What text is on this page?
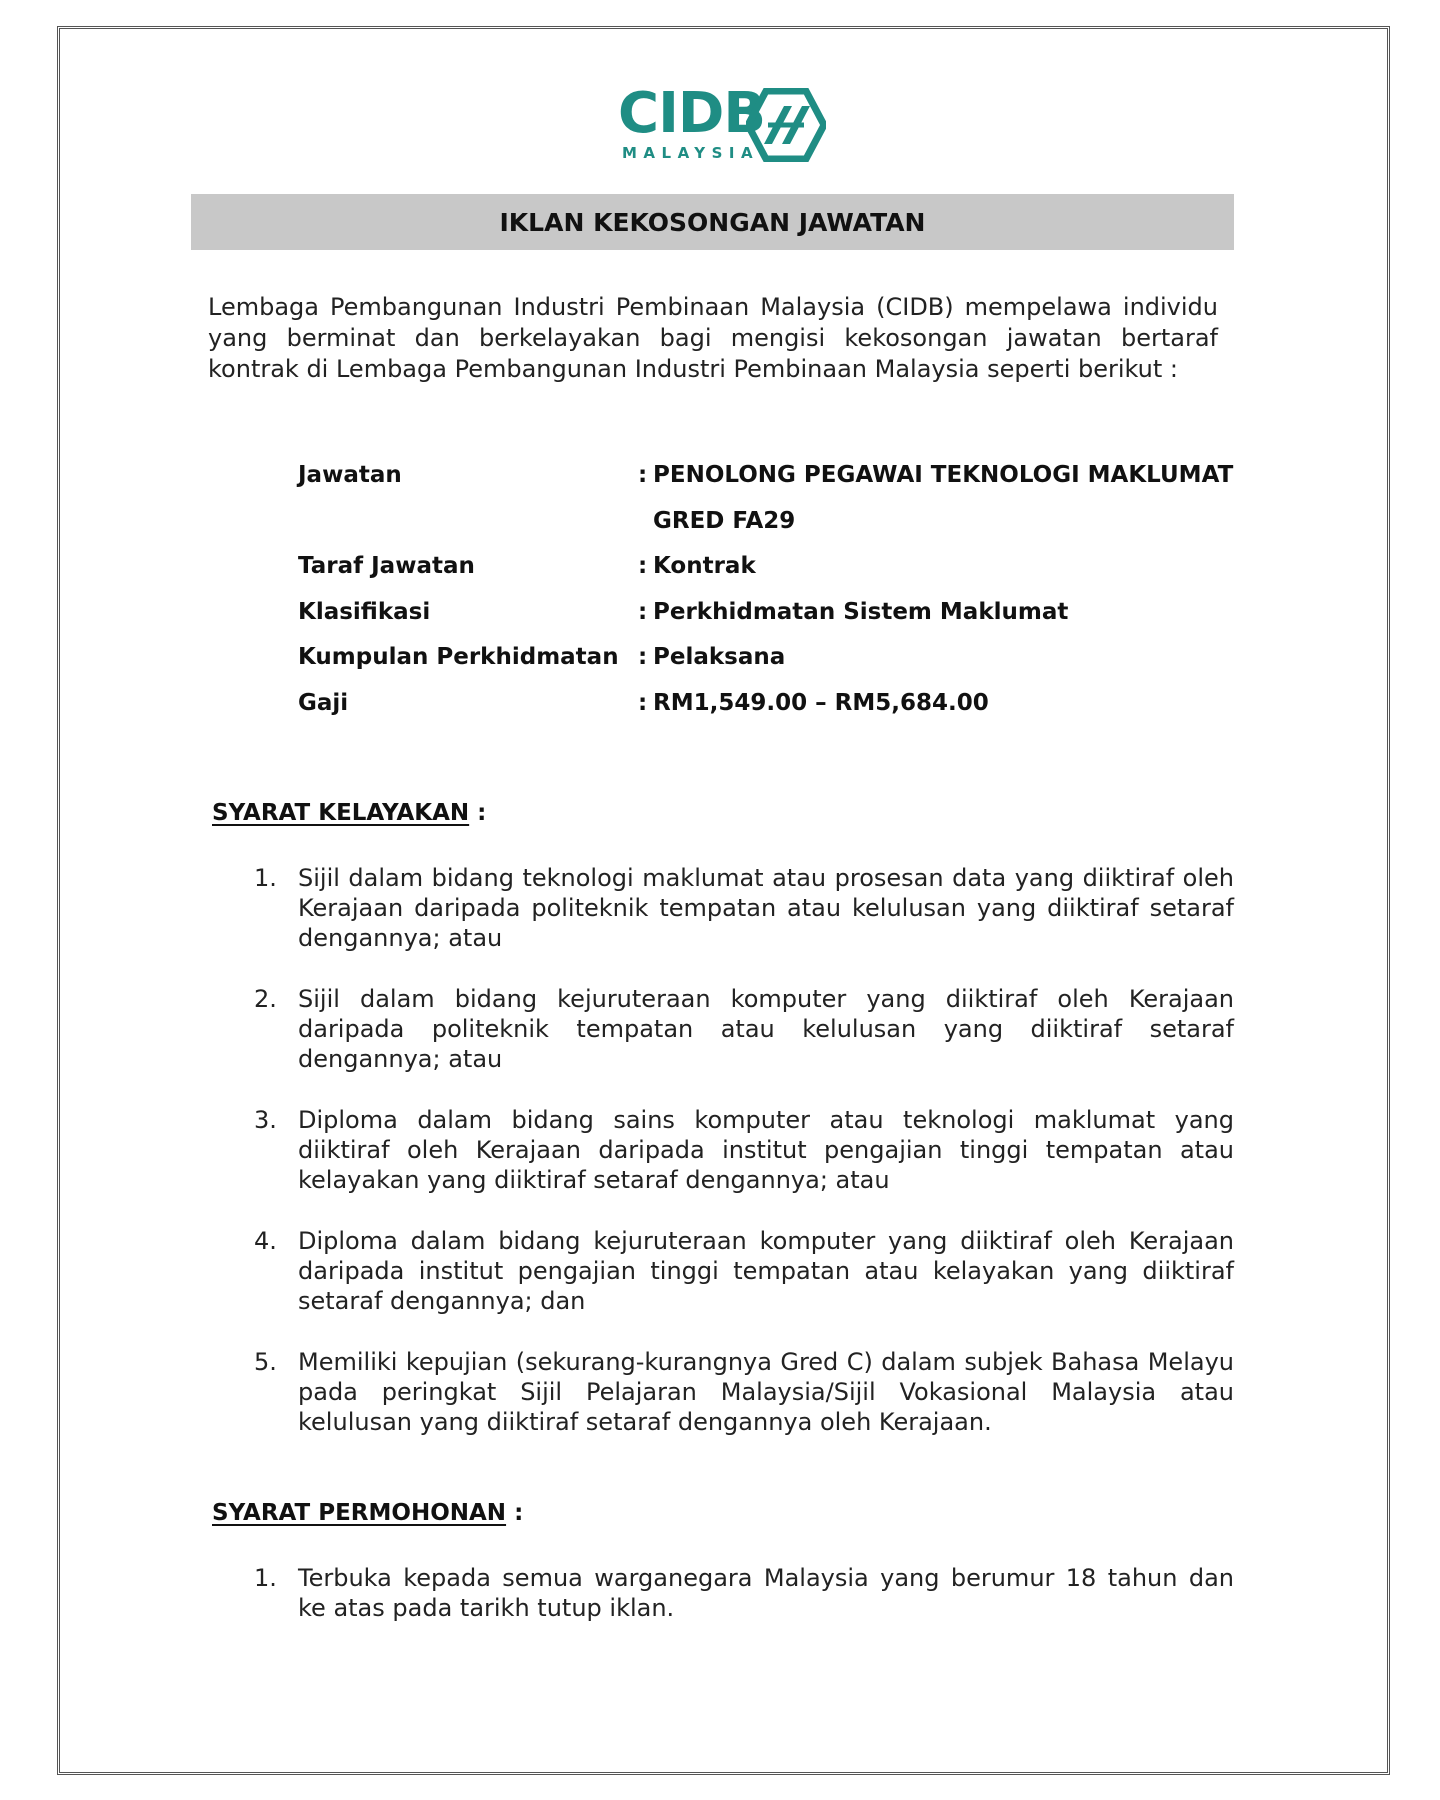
CIDB
MALAYSIA
IKLAN KEKOSONGAN JAWATAN

Lembaga Pembangunan Industri Pembinaan Malaysia (CIDB) mempelawa individu yang berminat dan berkelayakan bagi mengisi kekosongan jawatan bertaraf kontrak di Lembaga Pembangunan Industri Pembinaan Malaysia seperti berikut :

Jawatan	: PENOLONG PEGAWAI TEKNOLOGI MAKLUMAT
GRED FA29
Taraf Jawatan	: Kontrak
Klasifikasi	: Perkhidmatan Sistem Maklumat
Kumpulan Perkhidmatan : Pelaksana
Gaji	: RM1,549.00 – RM5,684.00
SYARAT KELAYAKAN :
1. Sijil dalam bidang teknologi maklumat atau prosesan data yang diiktiraf oleh Kerajaan daripada politeknik tempatan atau kelulusan yang diiktiraf setaraf dengannya; atau
2. Sijil dalam bidang kejuruteraan komputer yang diiktiraf oleh Kerajaan daripada politeknik tempatan atau kelulusan yang diiktiraf setaraf dengannya; atau
3. Diploma dalam bidang sains komputer atau teknologi maklumat yang diiktiraf oleh Kerajaan daripada institut pengajian tinggi tempatan atau kelayakan yang diiktiraf setaraf dengannya; atau
4. Diploma dalam bidang kejuruteraan komputer yang diiktiraf oleh Kerajaan daripada institut pengajian tinggi tempatan atau kelayakan yang diiktiraf setaraf dengannya; dan
5. Memiliki kepujian (sekurang-kurangnya Gred C) dalam subjek Bahasa Melayu pada peringkat Sijil Pelajaran Malaysia/Sijil Vokasional Malaysia atau kelulusan yang diiktiraf setaraf dengannya oleh Kerajaan.
SYARAT PERMOHONAN :
1. Terbuka kepada semua warganegara Malaysia yang berumur 18 tahun dan ke atas pada tarikh tutup iklan.
